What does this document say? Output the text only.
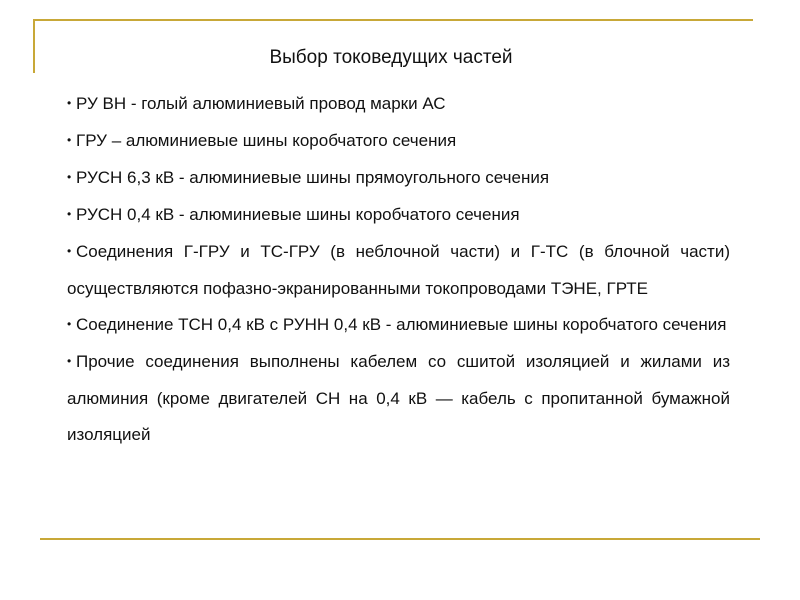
Выбор токоведущих частей
• РУ ВН - голый алюминиевый провод марки АС
• ГРУ – алюминиевые шины коробчатого сечения
• РУСН 6,3 кВ - алюминиевые шины прямоугольного сечения
• РУСН 0,4 кВ - алюминиевые шины коробчатого сечения
• Соединения Г-ГРУ и ТС-ГРУ (в неблочной части) и Г-ТС (в блочной части) осуществляются пофазно-экранированными токопроводами ТЭНЕ, ГРТЕ
• Соединение ТСН 0,4 кВ с РУНН 0,4 кВ - алюминиевые шины коробчатого сечения
• Прочие соединения выполнены кабелем со сшитой изоляцией и жилами из алюминия (кроме двигателей СН на 0,4 кВ — кабель с пропитанной бумажной изоляцией
